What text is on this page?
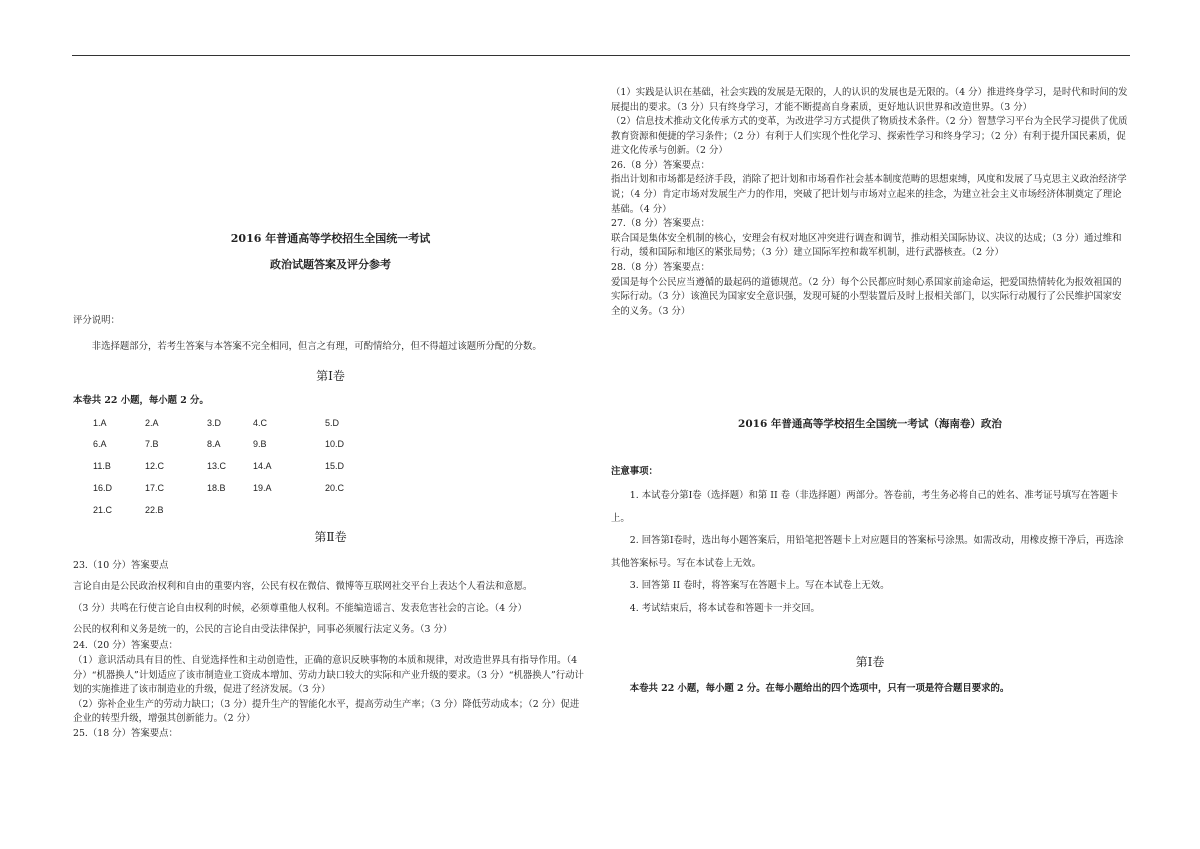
2016 年普通高等学校招生全国统一考试
政治试题答案及评分参考
评分说明：
非选择题部分，若考生答案与本答案不完全相同，但言之有理，可酌情给分，但不得超过该题所分配的分数。
第Ⅰ卷
本卷共 22 小题，每小题 2 分。
1.A	2.A	3.D	4.C	5.D
6.A	7.B	8.A	9.B	10.D
11.B	12.C	13.C	14.A	15.D
16.D	17.C	18.B	19.A	20.C
21.C	22.B
第Ⅱ卷
23.（10 分）答案要点
言论自由是公民政治权利和自由的重要内容，公民有权在微信、微博等互联网社交平台上表达个人看法和意愿。
（3 分）共鸣在行使言论自由权利的时候，必须尊重他人权利。不能编造谣言、发表危害社会的言论。（4 分）
公民的权利和义务是统一的，公民的言论自由受法律保护，同事必须履行法定义务。（3 分）
24.（20 分）答案要点：
（1）意识活动具有目的性、自觉选择性和主动创造性，正确的意识反映事物的本质和规律，对改造世界具有指导作用。（4 分）“机器换人”计划适应了该市制造业工资成本增加、劳动力缺口较大的实际和产业升级的要求。（3 分）“机器换人”行动计划的实施推进了该市制造业的升级，促进了经济发展。（3 分）
（2）弥补企业生产的劳动力缺口；（3 分）提升生产的智能化水平，提高劳动生产率；（3 分）降低劳动成本；（2 分）促进企业的转型升级，增强其创新能力。（2 分）
25.（18 分）答案要点：
（1）实践是认识在基础，社会实践的发展是无限的，人的认识的发展也是无限的。（4 分）推进终身学习，是时代和时间的发展提出的要求。（3 分）只有终身学习，才能不断提高自身素质，更好地认识世界和改造世界。（3 分）
（2）信息技术推动文化传承方式的变革，为改进学习方式提供了物质技术条件。（2 分）智慧学习平台为全民学习提供了优质教育资源和便捷的学习条件；（2 分）有利于人们实现个性化学习、探索性学习和终身学习；（2 分）有利于提升国民素质，促进文化传承与创新。（2 分）
26.（8 分）答案要点：
指出计划和市场都是经济手段，消除了把计划和市场看作社会基本制度范畴的思想束缚，风度和发展了马克思主义政治经济学说；（4 分）肯定市场对发展生产力的作用，突破了把计划与市场对立起来的挂念，为建立社会主义市场经济体制奠定了理论基础。（4 分）
27.（8 分）答案要点：
联合国是集体安全机制的核心，安理会有权对地区冲突进行调查和调节，推动相关国际协议、决议的达成；（3 分）通过维和行动，缓和国际和地区的紧张局势；（3 分）建立国际军控和裁军机制，进行武器核查。（2 分）
28.（8 分）答案要点：
爱国是每个公民应当遵循的最起码的道德规范。（2 分）每个公民都应时刻心系国家前途命运，把爱国热情转化为报效祖国的实际行动。（3 分）该渔民为国家安全意识强，发现可疑的小型装置后及时上报相关部门，以实际行动履行了公民维护国家安全的义务。（3 分）
2016 年普通高等学校招生全国统一考试（海南卷）政治
注意事项：
1. 本试卷分第Ⅰ卷（选择题）和第 II 卷（非选择题）两部分。答卷前，考生务必将自己的姓名、准考证号填写在答题卡上。
2. 回答第Ⅰ卷时，选出每小题答案后，用铅笔把答题卡上对应题目的答案标号涂黑。如需改动，用橡皮擦干净后，再选涂其他答案标号。写在本试卷上无效。
3. 回答第 II 卷时，将答案写在答题卡上。写在本试卷上无效。
4. 考试结束后，将本试卷和答题卡一并交回。
第Ⅰ卷
本卷共 22 小题，每小题 2 分。在每小题给出的四个选项中，只有一项是符合题目要求的。
